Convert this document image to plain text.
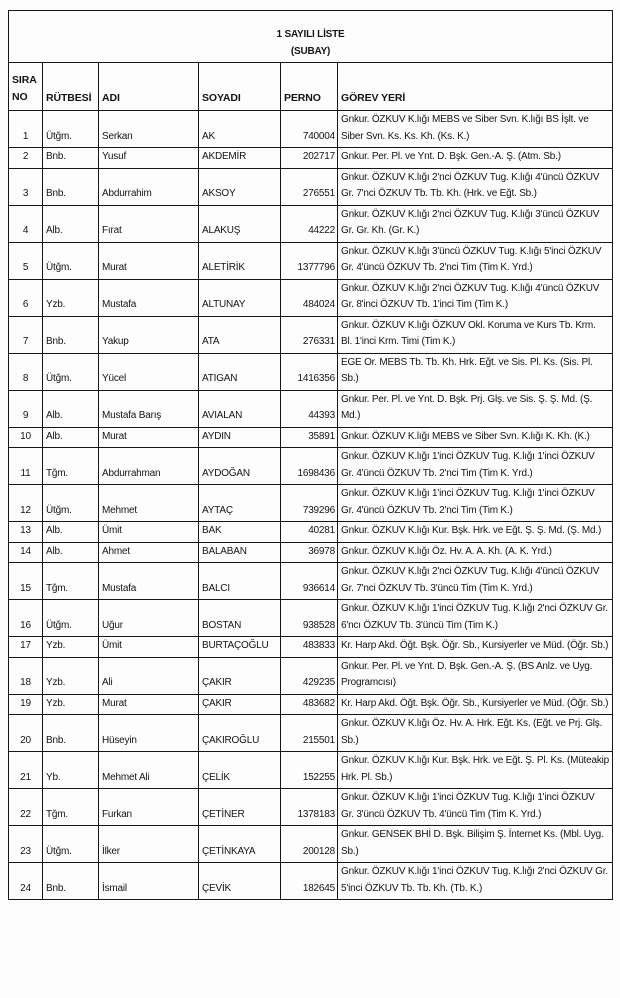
1 SAYILI LİSTE
(SUBAY)					

SIRA NO	RÜTBESİ	ADI	SOYADI	PERNO	GÖREV YERİ
1	Ütğm.	Serkan	AK	740004	Gnkur. ÖZKUV K.lığı MEBS ve Siber Svn. K.lığı BS İşlt. ve Siber Svn. Ks. Ks. Kh. (Ks. K.)
2	Bnb.	Yusuf	AKDEMİR	202717	Gnkur. Per. Pl. ve Ynt. D. Bşk. Gen.-A. Ş. (Atm. Sb.)
3	Bnb.	Abdurrahim	AKSOY	276551	Gnkur. ÖZKUV K.lığı 2'nci ÖZKUV Tug. K.lığı 4'üncü ÖZKUV Gr. 7'nci ÖZKUV Tb. Tb. Kh. (Hrk. ve Eğt. Sb.)
4	Alb.	Fırat	ALAKUŞ	44222	Gnkur. ÖZKUV K.lığı 2'nci ÖZKUV Tug. K.lığı 3'üncü ÖZKUV Gr. Gr. Kh. (Gr. K.)
5	Ütğm.	Murat	ALETİRİK	1377796	Gnkur. ÖZKUV K.lığı 3'üncü ÖZKUV Tug. K.lığı 5'inci ÖZKUV Gr. 4'üncü ÖZKUV Tb. 2'nci Tim (Tim K. Yrd.)
6	Yzb.	Mustafa	ALTUNAY	484024	Gnkur. ÖZKUV K.lığı 2'nci ÖZKUV Tug. K.lığı 4'üncü ÖZKUV Gr. 8'inci ÖZKUV Tb. 1'inci Tim (Tim K.)
7	Bnb.	Yakup	ATA	276331	Gnkur. ÖZKUV K.lığı ÖZKUV Okl. Koruma ve Kurs Tb. Krm. Bl. 1'inci Krm. Timi (Tim K.)
8	Ütğm.	Yücel	ATIGAN	1416356	EGE Or. MEBS Tb. Tb. Kh. Hrk. Eğt. ve Sis. Pl. Ks. (Sis. Pl. Sb.)
9	Alb.	Mustafa Barış	AVIALAN	44393	Gnkur. Per. Pl. ve Ynt. D. Bşk. Prj. Glş. ve Sis. Ş. Ş. Md. (Ş. Md.)
10	Alb.	Murat	AYDIN	35891	Gnkur. ÖZKUV K.lığı MEBS ve Siber Svn. K.lığı K. Kh. (K.)
11	Tğm.	Abdurrahman	AYDOĞAN	1698436	Gnkur. ÖZKUV K.lığı 1'inci ÖZKUV Tug. K.lığı 1'inci ÖZKUV Gr. 4'üncü ÖZKUV Tb. 2'nci Tim (Tim K. Yrd.)
12	Ütğm.	Mehmet	AYTAÇ	739296	Gnkur. ÖZKUV K.lığı 1'inci ÖZKUV Tug. K.lığı 1'inci ÖZKUV Gr. 4'üncü ÖZKUV Tb. 2'nci Tim (Tim K.)
13	Alb.	Ümit	BAK	40281	Gnkur. ÖZKUV K.lığı Kur. Bşk. Hrk. ve Eğt. Ş. Ş. Md. (Ş. Md.)
14	Alb.	Ahmet	BALABAN	36978	Gnkur. ÖZKUV K.lığı Öz. Hv. A. A. Kh. (A. K. Yrd.)
15	Tğm.	Mustafa	BALCI	936614	Gnkur. ÖZKUV K.lığı 2'nci ÖZKUV Tug. K.lığı 4'üncü ÖZKUV Gr. 7'nci ÖZKUV Tb. 3'üncü Tim (Tim K. Yrd.)
16	Ütğm.	Uğur	BOSTAN	938528	Gnkur. ÖZKUV K.lığı 1'inci ÖZKUV Tug. K.lığı 2'nci ÖZKUV Gr. 6'ncı ÖZKUV Tb. 3'üncü Tim (Tim K.)
17	Yzb.	Ümit	BURTAÇOĞLU	483833	Kr. Harp Akd. Öğt. Bşk. Öğr. Sb., Kursiyerler ve Müd. (Öğr. Sb.)
18	Yzb.	Ali	ÇAKIR	429235	Gnkur. Per. Pl. ve Ynt. D. Bşk. Gen.-A. Ş. (BS Anlz. ve Uyg. Programcısı)
19	Yzb.	Murat	ÇAKIR	483682	Kr. Harp Akd. Öğt. Bşk. Öğr. Sb., Kursiyerler ve Müd. (Öğr. Sb.)
20	Bnb.	Hüseyin	ÇAKIROĞLU	215501	Gnkur. ÖZKUV K.lığı Öz. Hv. A. Hrk. Eğt. Ks. (Eğt. ve Prj. Glş. Sb.)
21	Yb.	Mehmet Ali	ÇELİK	152255	Gnkur. ÖZKUV K.lığı Kur. Bşk. Hrk. ve Eğt. Ş. Pl. Ks. (Müteakip Hrk. Pl. Sb.)
22	Tğm.	Furkan	ÇETİNER	1378183	Gnkur. ÖZKUV K.lığı 1'inci ÖZKUV Tug. K.lığı 1'inci ÖZKUV Gr. 3'üncü ÖZKUV Tb. 4'üncü Tim (Tim K. Yrd.)
23	Ütğm.	İlker	ÇETİNKAYA	200128	Gnkur. GENSEK BHİ D. Bşk. Bilişim Ş. İnternet Ks. (Mbl. Uyg. Sb.)
24	Bnb.	İsmail	ÇEVİK	182645	Gnkur. ÖZKUV K.lığı 1'inci ÖZKUV Tug. K.lığı 2'nci ÖZKUV Gr. 5'inci ÖZKUV Tb. Tb. Kh. (Tb. K.)
